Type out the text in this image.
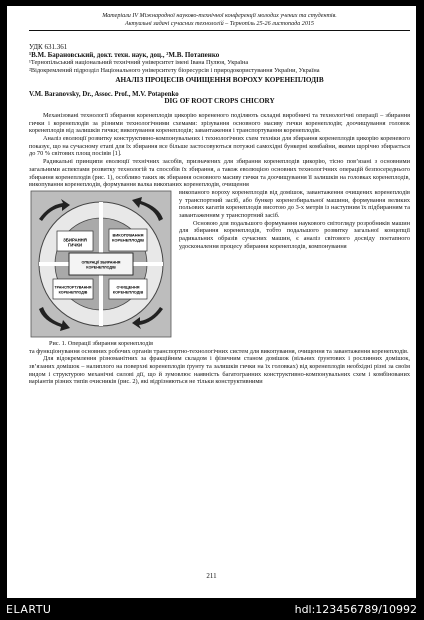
Матеріали IV Міжнародної науково-технічної конференції молодих учених та студентів.
Актуальні задачі сучасних технологій – Тернопіль 25-26 листопада 2015
УДК 631.361
¹В.М. Барановський, докт. техн. наук, доц., ²М.В. Потапенко
¹Тернопільський національний технічний університет імені Івана Пулюя, Україна
²Відокремлений підрозділ Національного університету біоресурсів і природокористування України, Україна
АНАЛІЗ ПРОЦЕСІВ ОЧИЩЕННЯ ВОРОХУ КОРЕНЕПЛОДІВ
V.M. Baranovsky, Dr., Assoc. Prof., M.V. Potapenko
DIG OF ROOT CROPS CHICORY

Механізовані технології збирання коренеплодів цикорію корененого поділяють складні виробничі та технологічні операції – збирання гички і коренеплодів за різними технологічними схемами: зрізування основного масиву гички коренеплодів; доочищування головок коренеплодів від залишків гички; викопування коренеплодів; завантаження і транспортування коренеплодів.

Аналіз еволюції розвитку конструктивно-компонувальних і технологічних схем техніки для збирання коренеплодів цикорію кореневого показує, що на сучасному етапі для їх збирання все більше застосовуються потужні самохідні бункерні комбайни, якими щорічно збирається до 70 % світових площ посівів [1].

Радикальні принципи еволюції технічних засобів, призначених для збирання коренеплодів цикорію, тісно пов’язані з основними загальними аспектами розвитку технологій та способів їх збирання, а також еволюцією основних технологічних операцій безпосереднього збирання коренеплодів (рис. 1), особливо таких як збирання основного масиву гички та доочищування її залишків на головках коренеплодів, викопування коренеплодів, формування валка викопаних коренеплодів, очищення

ЗБИРАННЯ ГИЧКИ
ВИКОПУВАННЯ КОРЕНЕПЛОДІВ
ТРАНСПОРТУВАННЯ КОРЕНЕПЛОДІВ
ОЧИЩЕННЯ КОРЕНЕПЛОДІВ
ОПЕРАЦІЇ ЗБИРАННЯ КОРЕНЕПЛОДІВ
Рис. 1. Операції збирання коренеплодів

викопаного вороху коренеплодів від домішок, завантаження очищених коренеплодів у транспортний засіб, або бункер коренезбиральної машини, формування великих польових кагатів коренеплодів висотою до 3-х метрів із наступним їх підбиранням та завантаженням у транспортний засіб.

Основою для подальшого формування наукового світогляду розробників машин для збирання коренеплодів, тобто подальшого розвитку загальної концепції радикальних образів сучасних машин, є аналіз світового досвіду поетапного удосконалення процесу збирання коренеплодів, компонування

та функціонування основних робочих органів транспортно-технологічних систем для викопування, очищення та завантаження коренеплодів.

Для відокремлення різноманітних за фракційним складом і фізичним станом домішок (вільних ґрунтових і рослинних домішок, зв’язаних домішок – налиплого на поверхні коренеплодів ґрунту та залишків гички на їх головках) від коренеплодів необхідні різні за своїм видом і структурою механічні силові дії, що й зумовлює наявність багатогранних конструктивно-компонувальних схем і комбінованих варіантів різних типів очисників (рис. 2), які відрізняються не тільки конструктивними

211
ELARTU	hdl:123456789/10992
